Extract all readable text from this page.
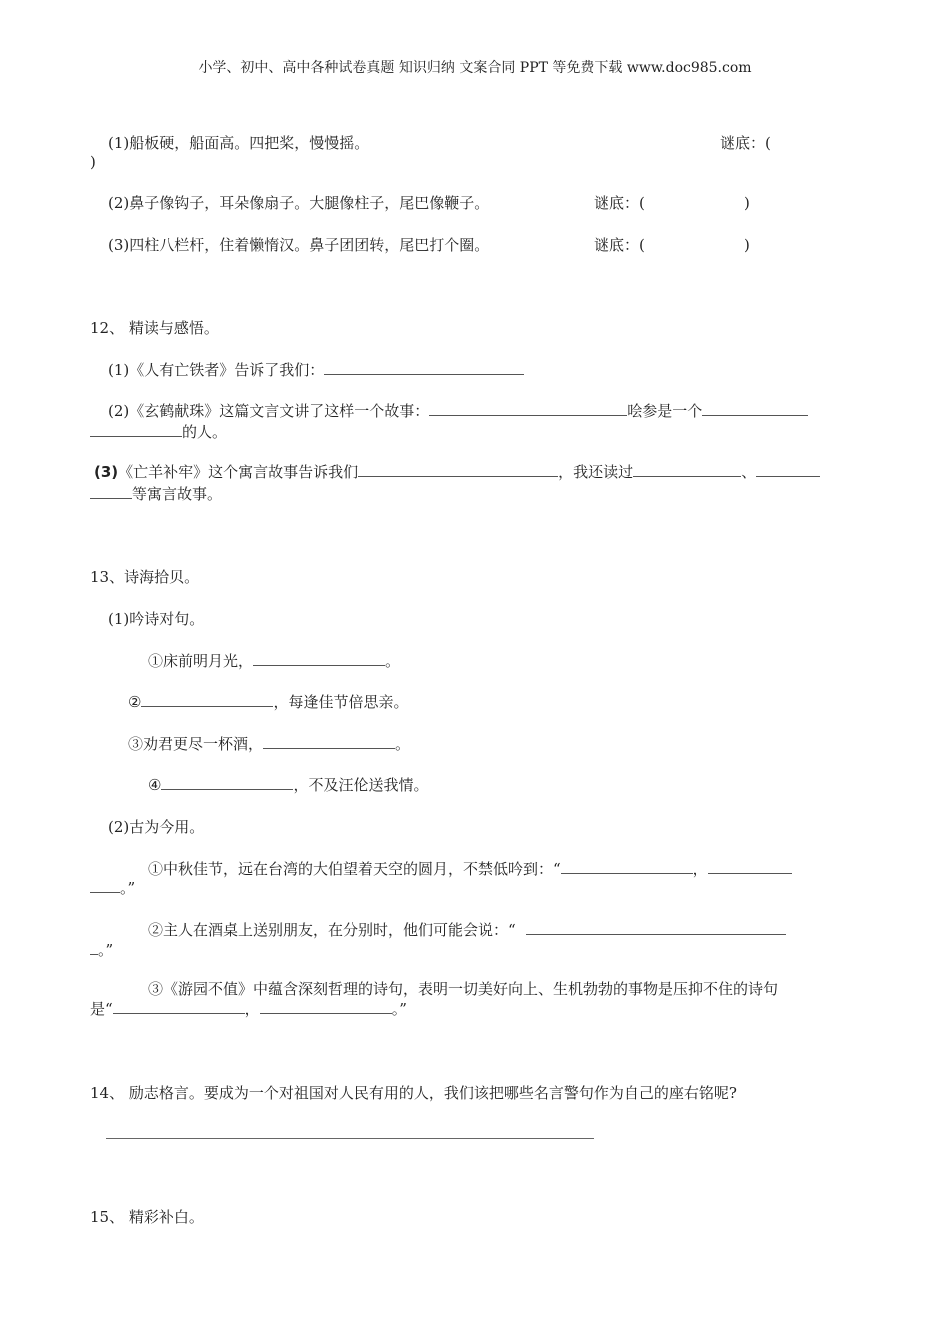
小学、初中、高中各种试卷真题 知识归纳 文案合同 PPT 等免费下载 www.doc985.com
(1)船板硬，船面高。四把桨，慢慢摇。	谜底：(
)
(2)鼻子像钩子，耳朵像扇子。大腿像柱子，尾巴像鞭子。	谜底：(	)
(3)四柱八栏杆，住着懒惰汉。鼻子团团转，尾巴打个圈。	谜底：(	)
12、 精读与感悟。
(1)《人有亡铁者》告诉了我们：
(2)《玄鹤献珠》这篇文言文讲了这样一个故事：	哙参是一个
的人。
(3)《亡羊补牢》这个寓言故事告诉我们	，我还读过	、
等寓言故事。
13、诗海拾贝。
(1)吟诗对句。
①床前明月光，	。
②	，每逢佳节倍思亲。
③劝君更尽一杯酒，	。
④	，不及汪伦送我情。
(2)古为今用。
①中秋佳节，远在台湾的大伯望着天空的圆月，不禁低吟到：“	，
。”
②主人在酒桌上送别朋友，在分别时，他们可能会说：“
。”
③《游园不值》中蕴含深刻哲理的诗句，表明一切美好向上、生机勃勃的事物是压抑不住的诗句
是“	，	。”
14、 励志格言。要成为一个对祖国对人民有用的人，我们该把哪些名言警句作为自己的座右铭呢?
15、 精彩补白。
